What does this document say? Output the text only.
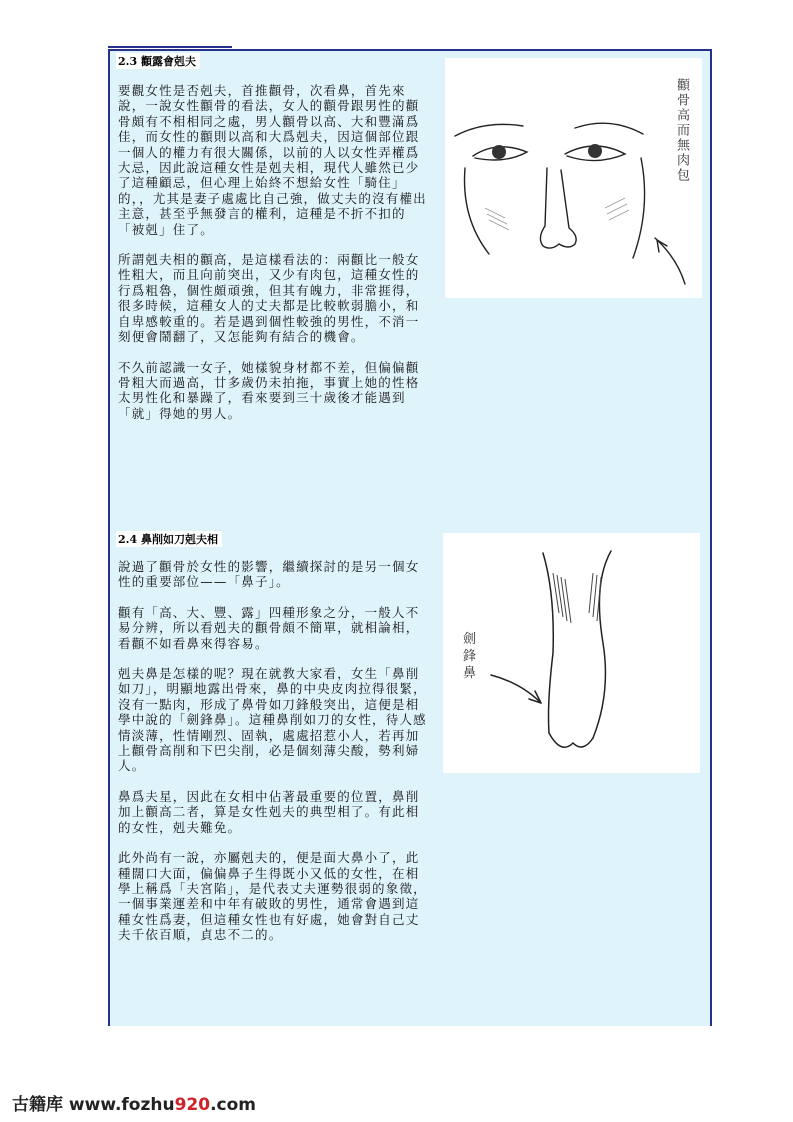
2.3 顴露會剋夫

要觀女性是否剋夫，首推顴骨，次看鼻，首先來說，一說女性顴骨的看法，女人的顴骨跟男性的顴骨頗有不相相同之處，男人顴骨以高、大和豐滿爲佳，而女性的顴則以高和大爲剋夫，因這個部位跟一個人的權力有很大關係，以前的人以女性弄權爲大忌，因此說這種女性是剋夫相，現代人雖然已少了這種顧忌，但心理上始終不想給女性「騎住」的，，尤其是妻子處處比自己強，做丈夫的沒有權出主意，甚至乎無發言的權利，這種是不折不扣的「被剋」住了。

所謂剋夫相的顴高，是這樣看法的：兩顴比一般女性粗大，而且向前突出，又少有肉包，這種女性的行爲粗魯，個性頗頑強，但其有魄力，非常捱得，很多時候，這種女人的丈夫都是比較軟弱膽小，和自卑感較重的。若是遇到個性較強的男性，不消一刻便會鬧翻了，又怎能夠有結合的機會。

不久前認識一女子，她樣貌身材都不差，但偏偏顴骨粗大而過高，廿多歲仍未拍拖，事實上她的性格太男性化和暴躁了，看來要到三十歲後才能遇到「就」得她的男人。

顴骨高而無肉包
2.4 鼻削如刀剋夫相

說過了顴骨於女性的影響，繼續探討的是另一個女性的重要部位——「鼻子」。

顴有「高、大、豐、露」四種形象之分，一般人不易分辨，所以看剋夫的顴骨頗不簡單，就相論相，看顴不如看鼻來得容易。

剋夫鼻是怎樣的呢？現在就教大家看，女生「鼻削如刀」，明顯地露出骨來，鼻的中央皮肉拉得很緊，沒有一點肉，形成了鼻骨如刀鋒般突出，這便是相學中說的「劍鋒鼻」。這種鼻削如刀的女性，待人感情淡薄，性情剛烈、固執，處處招惹小人，若再加上顴骨高削和下巴尖削，必是個刻薄尖酸，勢利婦人。

鼻爲夫星，因此在女相中佔著最重要的位置，鼻削加上顴高二者，算是女性剋夫的典型相了。有此相的女性，剋夫難免。

此外尚有一說，亦屬剋夫的，便是面大鼻小了，此種闊口大面，偏偏鼻子生得既小又低的女性，在相學上稱爲「夫宮陷」，是代表丈夫運勢很弱的象徵，一個事業運差和中年有破敗的男性，通常會遇到這種女性爲妻，但這種女性也有好處，她會對自己丈夫千依百順，貞忠不二的。

劍鋒鼻
古籍库 www.fozhu920.com
